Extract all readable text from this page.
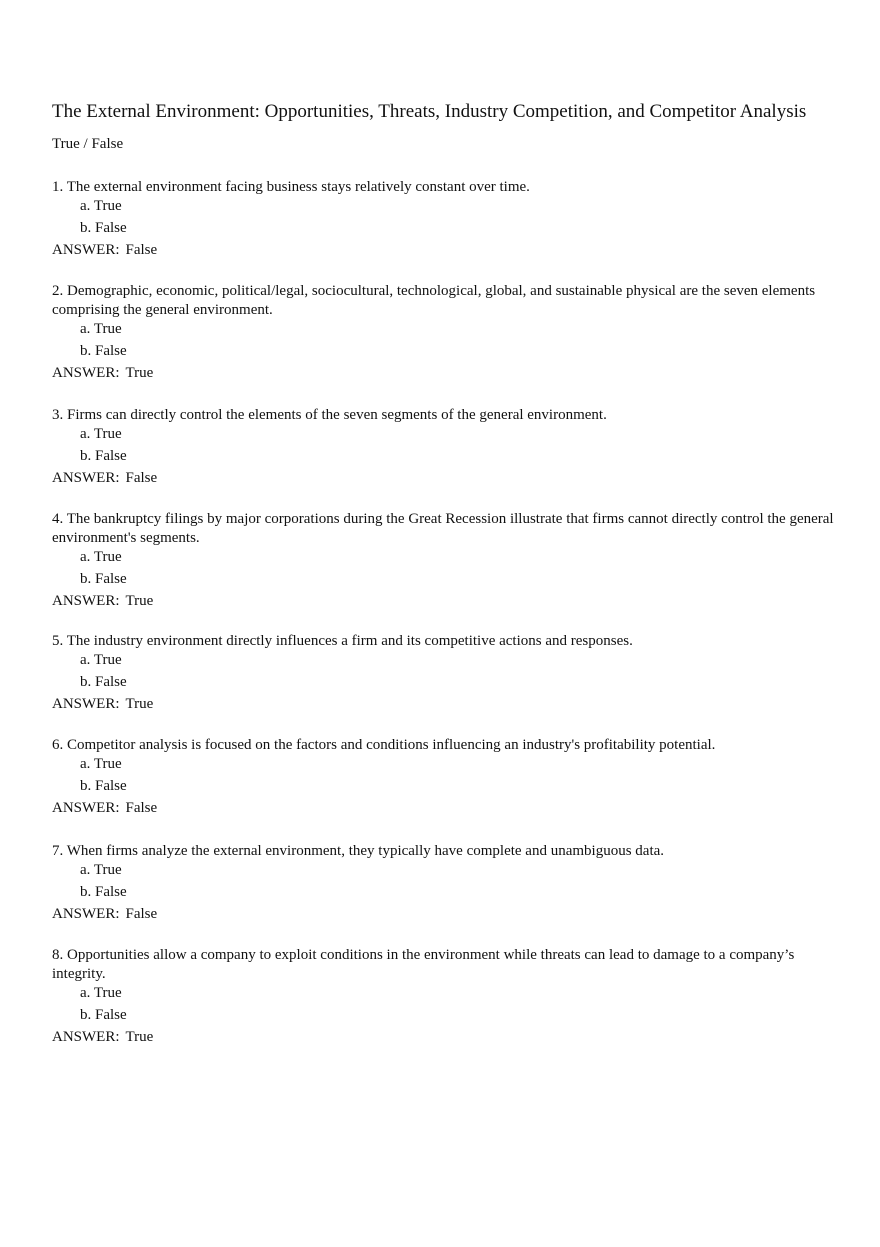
The External Environment: Opportunities, Threats, Industry Competition, and Competitor Analysis
True / False

1. The external environment facing business stays relatively constant over time.

a. True
b. False
ANSWER: False

2. Demographic, economic, political/legal, sociocultural, technological, global, and sustainable physical are the seven elements comprising the general environment.

a. True
b. False
ANSWER: True

3. Firms can directly control the elements of the seven segments of the general environment.

a. True
b. False
ANSWER: False

4. The bankruptcy filings by major corporations during the Great Recession illustrate that firms cannot directly control the general environment's segments.

a. True
b. False
ANSWER: True

5. The industry environment directly influences a firm and its competitive actions and responses.

a. True
b. False
ANSWER: True

6. Competitor analysis is focused on the factors and conditions influencing an industry's profitability potential.

a. True
b. False
ANSWER: False

7. When firms analyze the external environment, they typically have complete and unambiguous data.

a. True
b. False
ANSWER: False

8. Opportunities allow a company to exploit conditions in the environment while threats can lead to damage to a company’s integrity.

a. True
b. False
ANSWER: True
